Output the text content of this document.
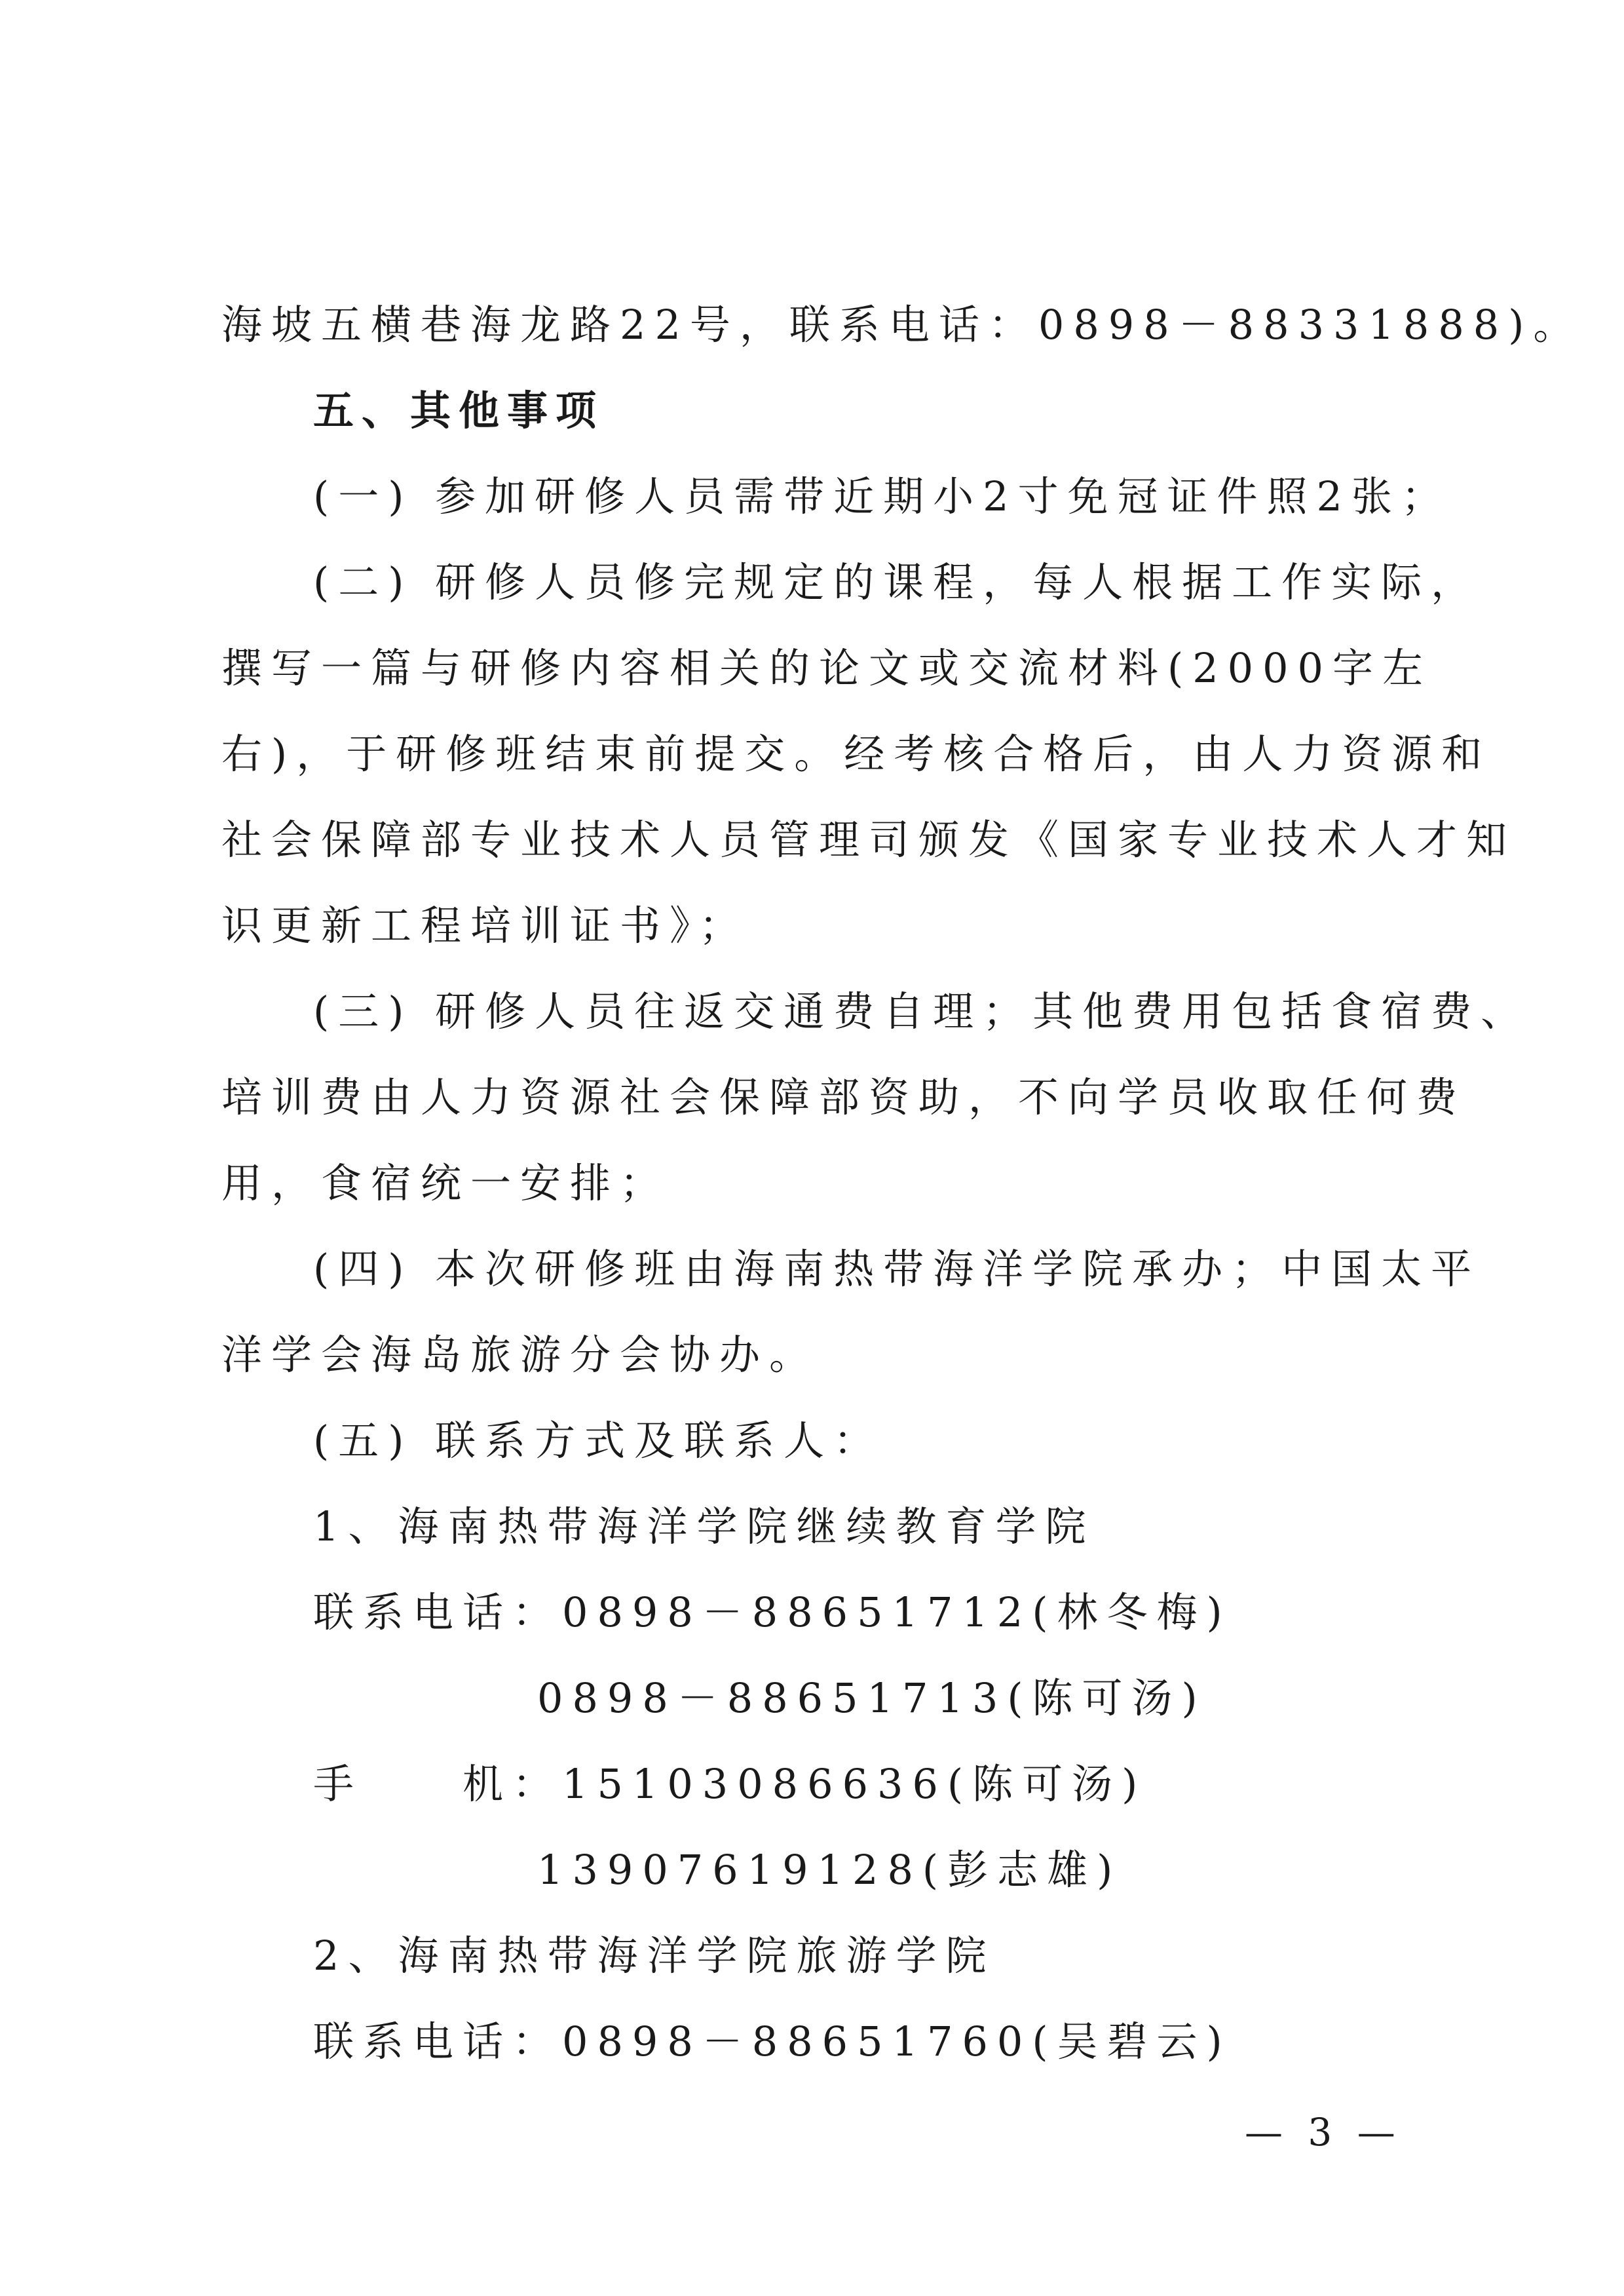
海坡五横巷海龙路22号，联系电话：0898－88331888)。
五、其他事项
(一) 参加研修人员需带近期小2寸免冠证件照2张；
(二) 研修人员修完规定的课程，每人根据工作实际，
撰写一篇与研修内容相关的论文或交流材料(2000字左
右)，于研修班结束前提交。经考核合格后，由人力资源和
社会保障部专业技术人员管理司颁发《国家专业技术人才知
识更新工程培训证书》；
(三) 研修人员往返交通费自理；其他费用包括食宿费、
培训费由人力资源社会保障部资助，不向学员收取任何费
用，食宿统一安排；
(四) 本次研修班由海南热带海洋学院承办；中国太平
洋学会海岛旅游分会协办。
(五) 联系方式及联系人：
1、海南热带海洋学院继续教育学院
联系电话：0898－88651712(林冬梅)
0898－88651713(陈可汤)
手　　机：15103086636(陈可汤)
13907619128(彭志雄)
2、海南热带海洋学院旅游学院
联系电话：0898－88651760(吴碧云)
— 3 —
